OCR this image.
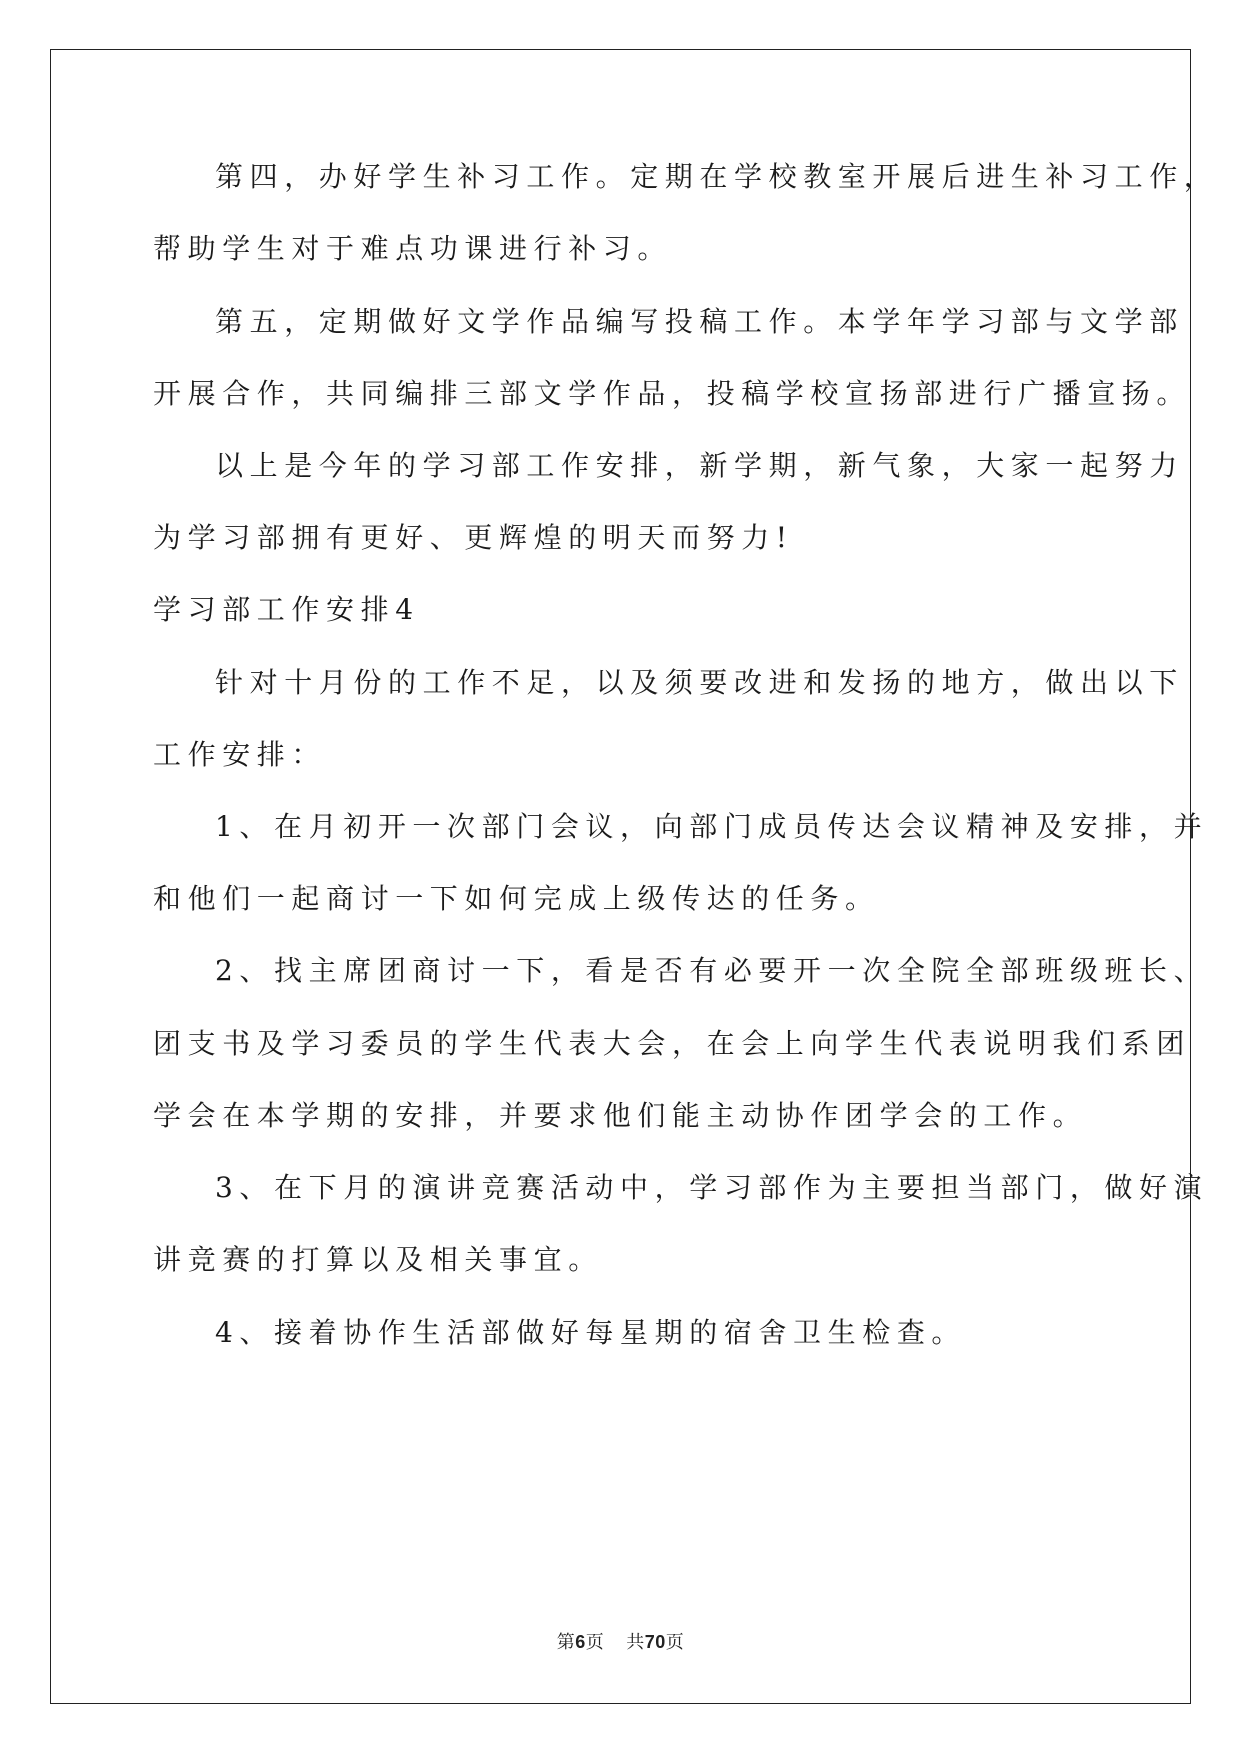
第四，办好学生补习工作。定期在学校教室开展后进生补习工作，
帮助学生对于难点功课进行补习。
第五，定期做好文学作品编写投稿工作。本学年学习部与文学部
开展合作，共同编排三部文学作品，投稿学校宣扬部进行广播宣扬。
以上是今年的学习部工作安排，新学期，新气象，大家一起努力
为学习部拥有更好、更辉煌的明天而努力!
学习部工作安排4
针对十月份的工作不足，以及须要改进和发扬的地方，做出以下
工作安排：
1、在月初开一次部门会议，向部门成员传达会议精神及安排，并
和他们一起商讨一下如何完成上级传达的任务。
2、找主席团商讨一下，看是否有必要开一次全院全部班级班长、
团支书及学习委员的学生代表大会，在会上向学生代表说明我们系团
学会在本学期的安排，并要求他们能主动协作团学会的工作。
3、在下月的演讲竞赛活动中，学习部作为主要担当部门，做好演
讲竞赛的打算以及相关事宜。
4、接着协作生活部做好每星期的宿舍卫生检查。
第6页 共70页
